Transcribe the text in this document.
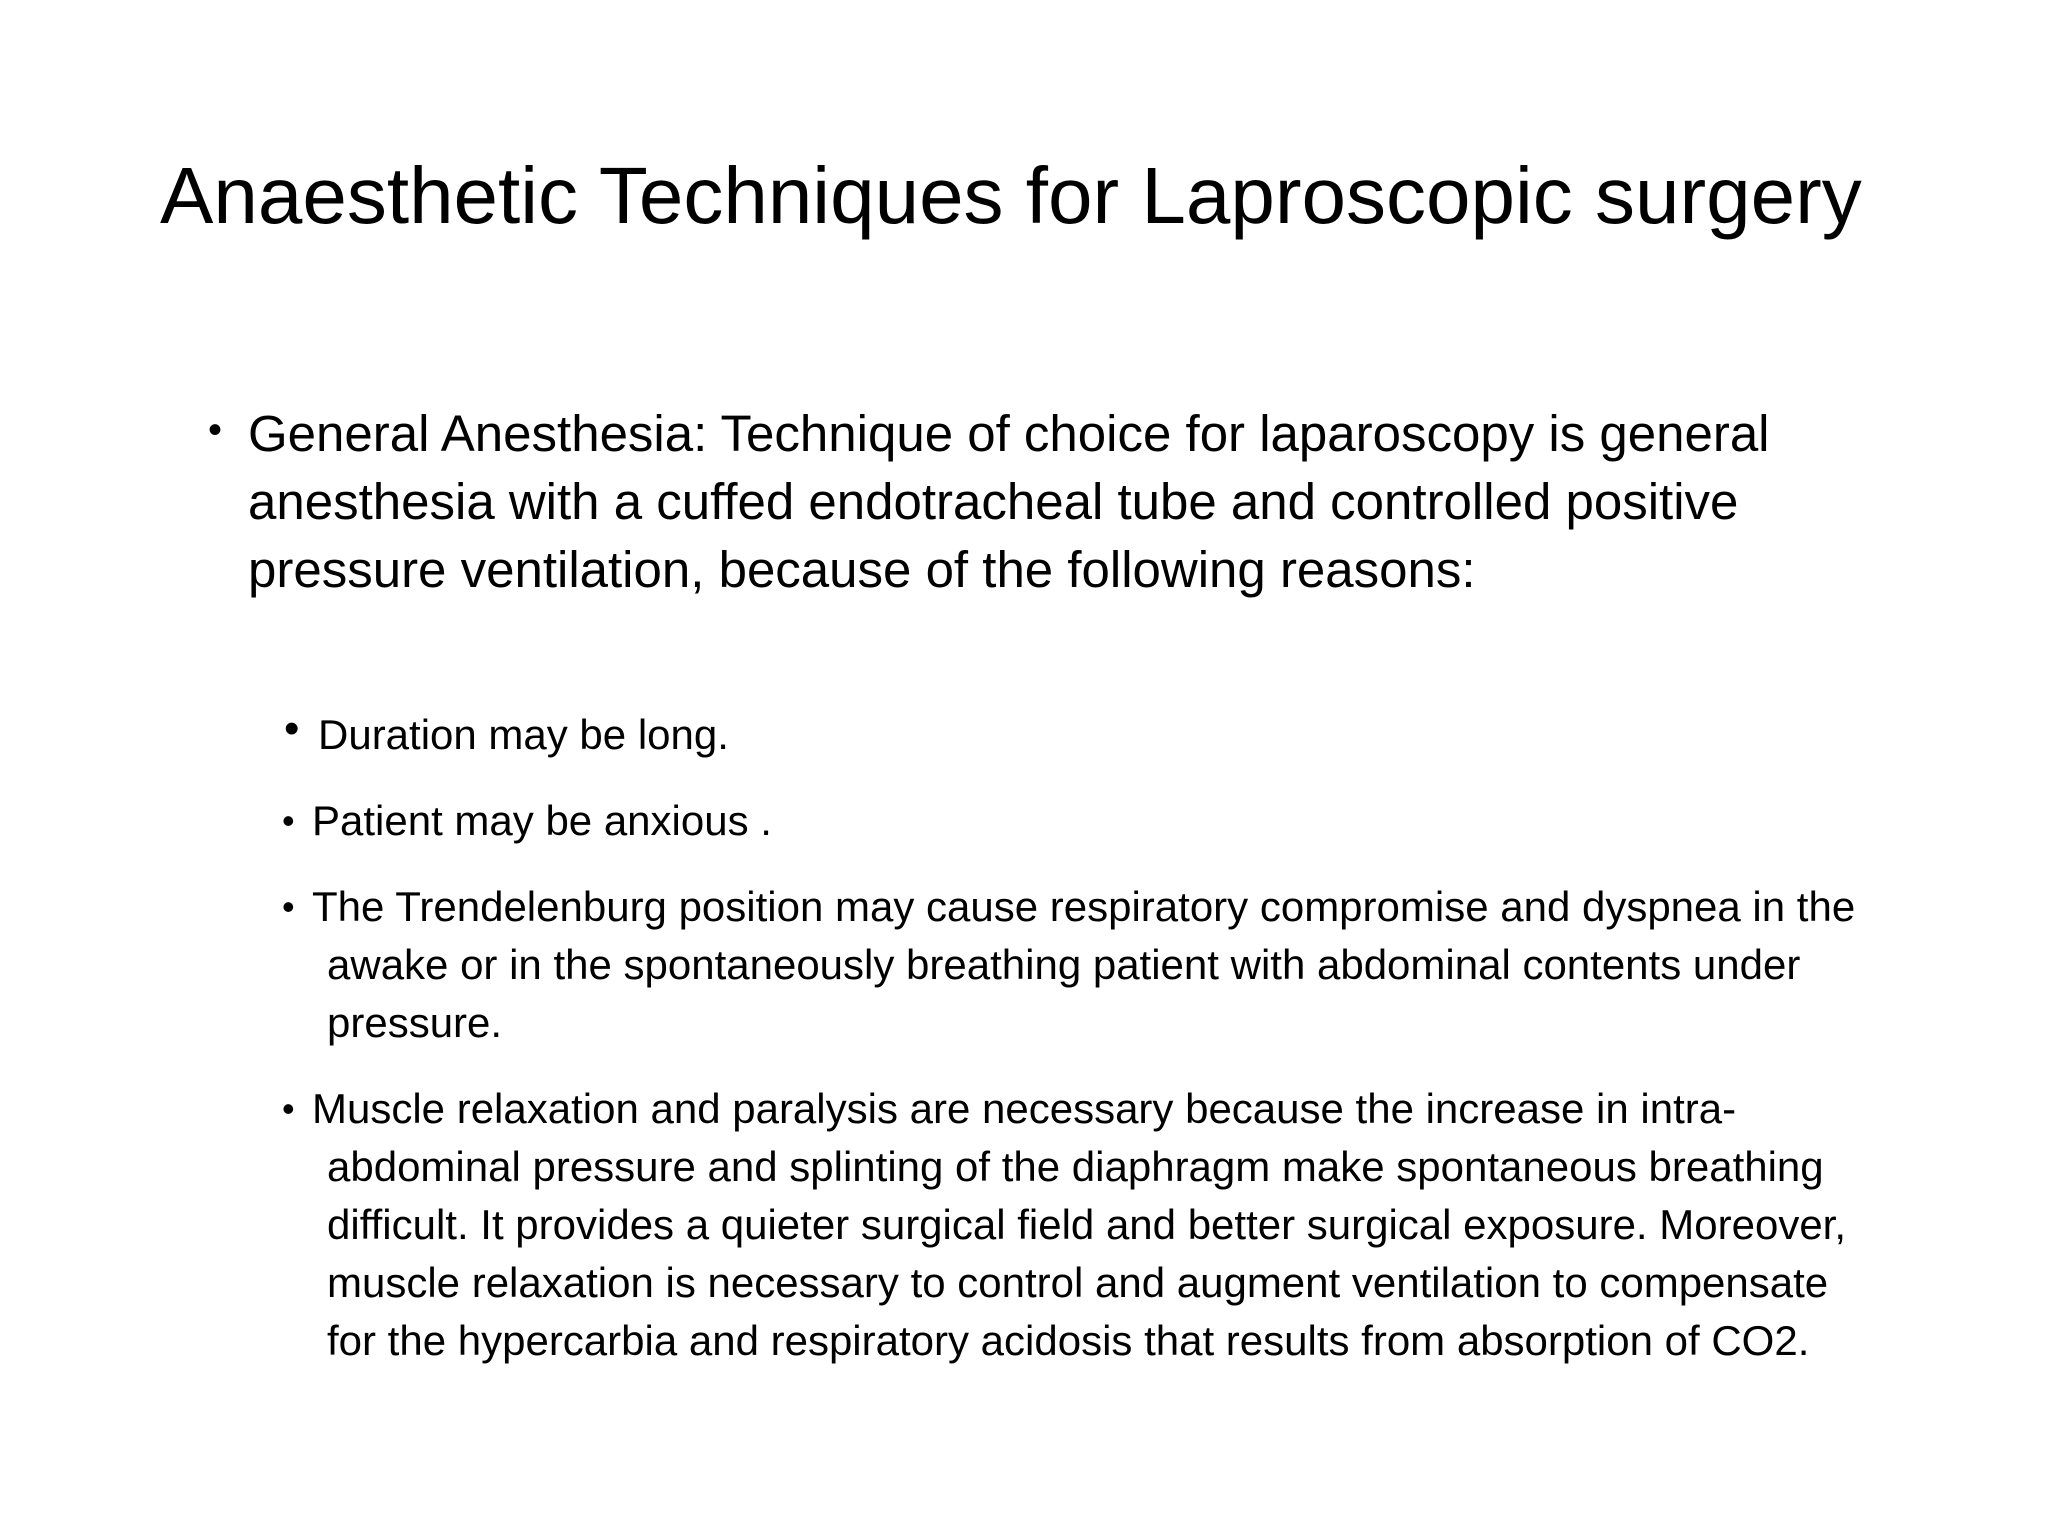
Anaesthetic Techniques for Laproscopic surgery
• General Anesthesia: Technique of choice for laparoscopy is general anesthesia with a cuffed endotracheal tube and controlled positive pressure ventilation, because of the following reasons:
• Duration may be long.
• Patient may be anxious .
• The Trendelenburg position may cause respiratory compromise and dyspnea in the awake or in the spontaneously breathing patient with abdominal contents under pressure.
• Muscle relaxation and paralysis are necessary because the increase in intra-abdominal pressure and splinting of the diaphragm make spontaneous breathing difficult. It provides a quieter surgical field and better surgical exposure. Moreover, muscle relaxation is necessary to control and augment ventilation to compensate for the hypercarbia and respiratory acidosis that results from absorption of CO2.
